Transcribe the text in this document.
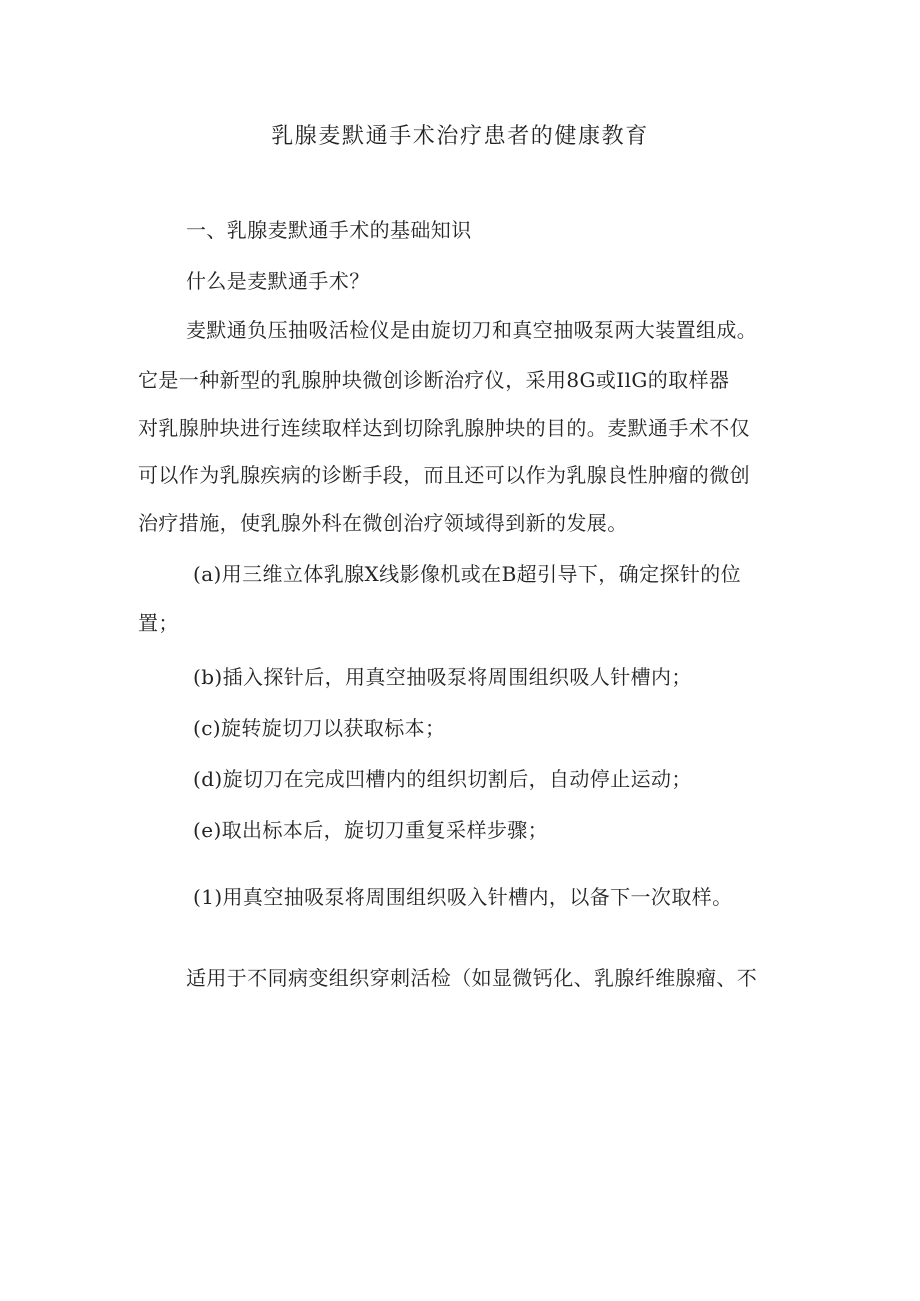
乳腺麦默通手术治疗患者的健康教育

一、乳腺麦默通手术的基础知识

什么是麦默通手术？

麦默通负压抽吸活检仪是由旋切刀和真空抽吸泵两大装置组成。

它是一种新型的乳腺肿块微创诊断治疗仪，采用8G或IlG的取样器

对乳腺肿块进行连续取样达到切除乳腺肿块的目的。麦默通手术不仅

可以作为乳腺疾病的诊断手段，而且还可以作为乳腺良性肿瘤的微创

治疗措施，使乳腺外科在微创治疗领域得到新的发展。

(a)用三维立体乳腺X线影像机或在B超引导下，确定探针的位

置；

(b)插入探针后，用真空抽吸泵将周围组织吸人针槽内；

(c)旋转旋切刀以获取标本；

(d)旋切刀在完成凹槽内的组织切割后，自动停止运动；

(e)取出标本后，旋切刀重复采样步骤；

(1)用真空抽吸泵将周围组织吸入针槽内，以备下一次取样。

适用于不同病变组织穿刺活检（如显微钙化、乳腺纤维腺瘤、不
